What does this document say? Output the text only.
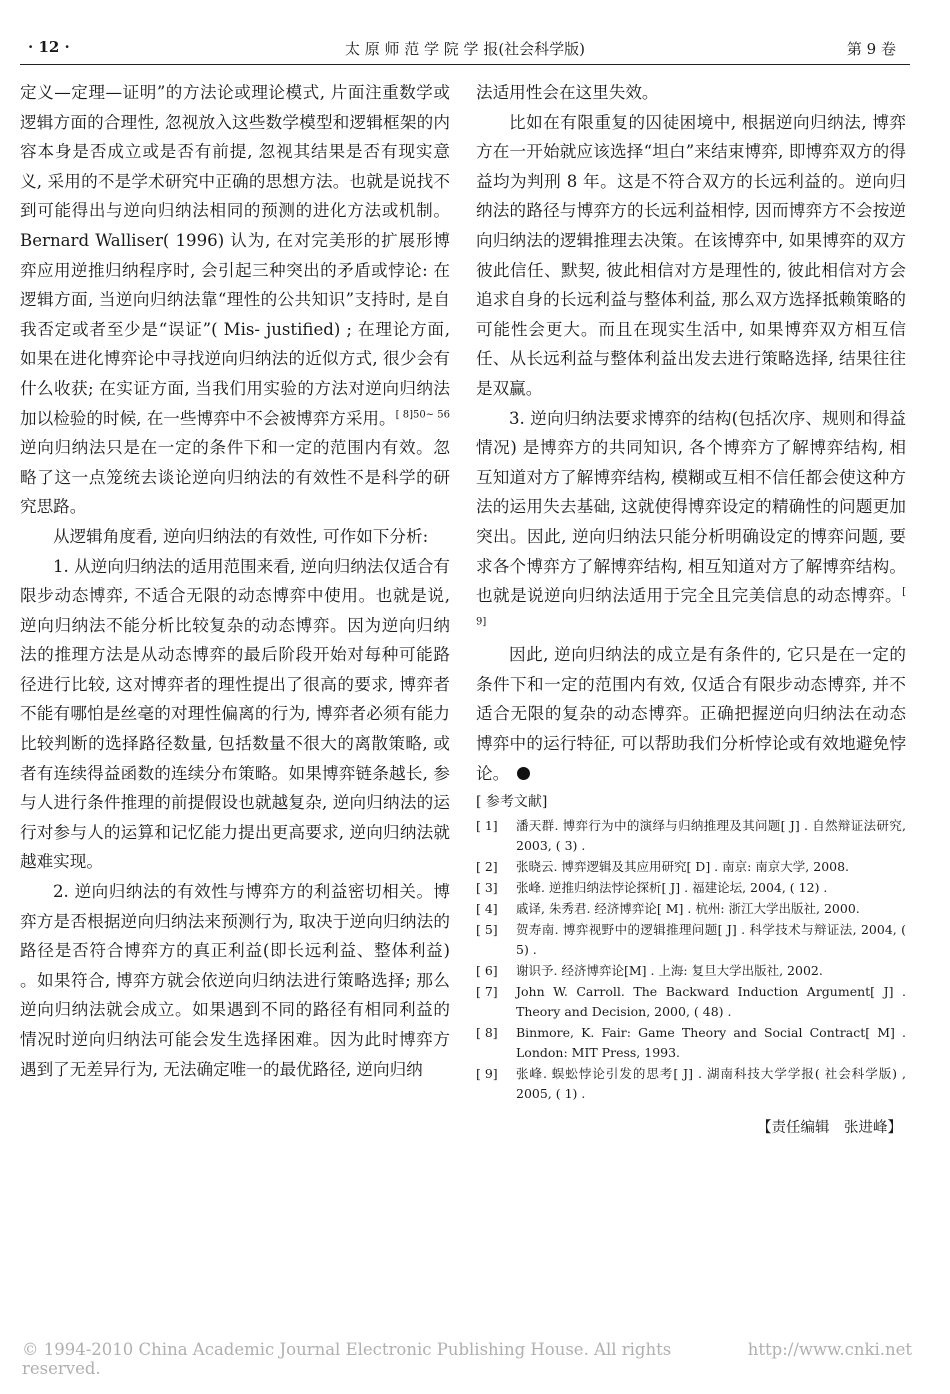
· 12 ·	太 原 师 范 学 院 学 报(社会科学版)	第 9 卷

定义—定理—证明”的方法论或理论模式, 片面注重数学或逻辑方面的合理性, 忽视放入这些数学模型和逻辑框架的内容本身是否成立或是否有前提, 忽视其结果是否有现实意义, 采用的不是学术研究中正确的思想方法。也就是说找不到可能得出与逆向归纳法相同的预测的进化方法或机制。Bernard Walliser( 1996) 认为, 在对完美形的扩展形博弈应用逆推归纳程序时, 会引起三种突出的矛盾或悖论: 在逻辑方面, 当逆向归纳法靠“理性的公共知识”支持时, 是自我否定或者至少是“误证”( Mis- justified) ; 在理论方面, 如果在进化博弈论中寻找逆向归纳法的近似方式, 很少会有什么收获; 在实证方面, 当我们用实验的方法对逆向归纳法加以检验的时候, 在一些博弈中不会被博弈方采用。$^{[ 8]50\sim 56}$逆向归纳法只是在一定的条件下和一定的范围内有效。忽略了这一点笼统去谈论逆向归纳法的有效性不是科学的研究思路。

从逻辑角度看, 逆向归纳法的有效性, 可作如下分析:

1. 从逆向归纳法的适用范围来看, 逆向归纳法仅适合有限步动态博弈, 不适合无限的动态博弈中使用。也就是说, 逆向归纳法不能分析比较复杂的动态博弈。因为逆向归纳法的推理方法是从动态博弈的最后阶段开始对每种可能路径进行比较, 这对博弈者的理性提出了很高的要求, 博弈者不能有哪怕是丝毫的对理性偏离的行为, 博弈者必须有能力比较判断的选择路径数量, 包括数量不很大的离散策略, 或者有连续得益函数的连续分布策略。如果博弈链条越长, 参与人进行条件推理的前提假设也就越复杂, 逆向归纳法的运行对参与人的运算和记忆能力提出更高要求, 逆向归纳法就越难实现。

2. 逆向归纳法的有效性与博弈方的利益密切相关。博弈方是否根据逆向归纳法来预测行为, 取决于逆向归纳法的路径是否符合博弈方的真正利益(即长远利益、整体利益) 。如果符合, 博弈方就会依逆向归纳法进行策略选择; 那么逆向归纳法就会成立。如果遇到不同的路径有相同利益的情况时逆向归纳法可能会发生选择困难。因为此时博弈方遇到了无差异行为, 无法确定唯一的最优路径, 逆向归纳

法适用性会在这里失效。

比如在有限重复的囚徒困境中, 根据逆向归纳法, 博弈方在一开始就应该选择“坦白”来结束博弈, 即博弈双方的得益均为判刑 8 年。这是不符合双方的长远利益的。逆向归纳法的路径与博弈方的长远利益相悖, 因而博弈方不会按逆向归纳法的逻辑推理去决策。在该博弈中, 如果博弈的双方彼此信任、默契, 彼此相信对方是理性的, 彼此相信对方会追求自身的长远利益与整体利益, 那么双方选择抵赖策略的可能性会更大。而且在现实生活中, 如果博弈双方相互信任、从长远利益与整体利益出发去进行策略选择, 结果往往是双赢。

3. 逆向归纳法要求博弈的结构(包括次序、规则和得益情况) 是博弈方的共同知识, 各个博弈方了解博弈结构, 相互知道对方了解博弈结构, 模糊或互相不信任都会使这种方法的运用失去基础, 这就使得博弈设定的精确性的问题更加突出。因此, 逆向归纳法只能分析明确设定的博弈问题, 要求各个博弈方了解博弈结构, 相互知道对方了解博弈结构。也就是说逆向归纳法适用于完全且完美信息的动态博弈。[ 9]

因此, 逆向归纳法的成立是有条件的, 它只是在一定的条件下和一定的范围内有效, 仅适合有限步动态博弈, 并不适合无限的复杂的动态博弈。正确把握逆向归纳法在动态博弈中的运行特征, 可以帮助我们分析悖论或有效地避免悖论。

[ 参考文献]
[ 1]	潘天群. 博弈行为中的演绎与归纳推理及其问题[ J] . 自然辩证法研究, 2003, ( 3) .
[ 2]	张晓云. 博弈逻辑及其应用研究[ D] . 南京: 南京大学, 2008.
[ 3]	张峰. 逆推归纳法悖论探析[ J] . 福建论坛, 2004, ( 12) .
[ 4]	戚译, 朱秀君. 经济博弈论[ M] . 杭州: 浙江大学出版社, 2000.
[ 5]	贺寿南. 博弈视野中的逻辑推理问题[ J] . 科学技术与辩证法, 2004, ( 5) .
[ 6]	谢识予. 经济博弈论[M] . 上海: 复旦大学出版社, 2002.
[ 7]	John W. Carroll. The Backward Induction Argument[ J] . Theory and Decision, 2000, ( 48) .
[ 8]	Binmore, K. Fair: Game Theory and Social Contract[ M] . London: MIT Press, 1993.
[ 9]	张峰. 蜈蚣悖论引发的思考[ J] . 湖南科技大学学报( 社会科学版) , 2005, ( 1) .
【责任编辑　张进峰】
© 1994-2010 China Academic Journal Electronic Publishing House. All rights reserved.
http://www.cnki.net
